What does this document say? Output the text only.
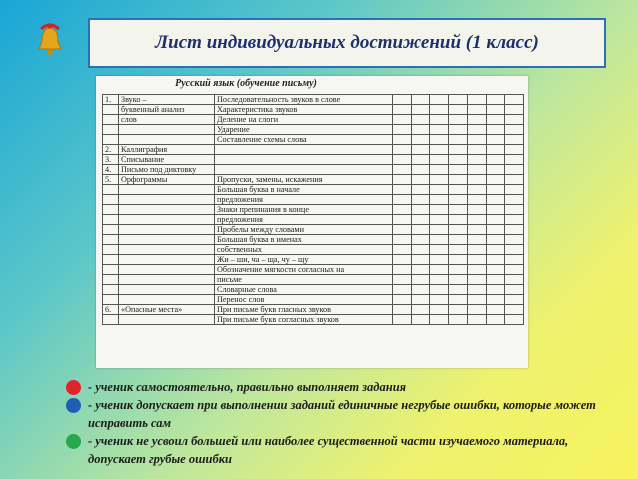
Лист индивидуальных достижений (1 класс)
Русский язык (обучение письму)
1.	Звуко –	Последовательность звуков в слове							
	буквенный анализ	Характеристика звуков							
	слов	Деление на слоги							
		Ударение							
		Составление схемы слова							
2.	Каллиграфия								
3.	Списывание								
4.	Письмо под диктовку								
5.	Орфограммы	Пропуски, замены, искажения							
		Большая буква в начале							
		предложения							
		Знаки препинания в конце							
		предложения							
		Пробелы между словами							
		Большая буква в именах							
		собственных							
		Жи – ши, ча – ща, чу – щу							
		Обозначение мягкости согласных на							
		письме							
		Словарные слова							
		Перенос слов							
6.	«Опасные места»	При письме букв гласных звуков							
		При письме букв согласных звуков							
- ученик самостоятельно, правильно выполняет задания
- ученик допускает при выполнении заданий единичные негрубые ошибки, которые может исправить сам
- ученик не усвоил большей или наиболее существенной части изучаемого материала, допускает грубые ошибки
